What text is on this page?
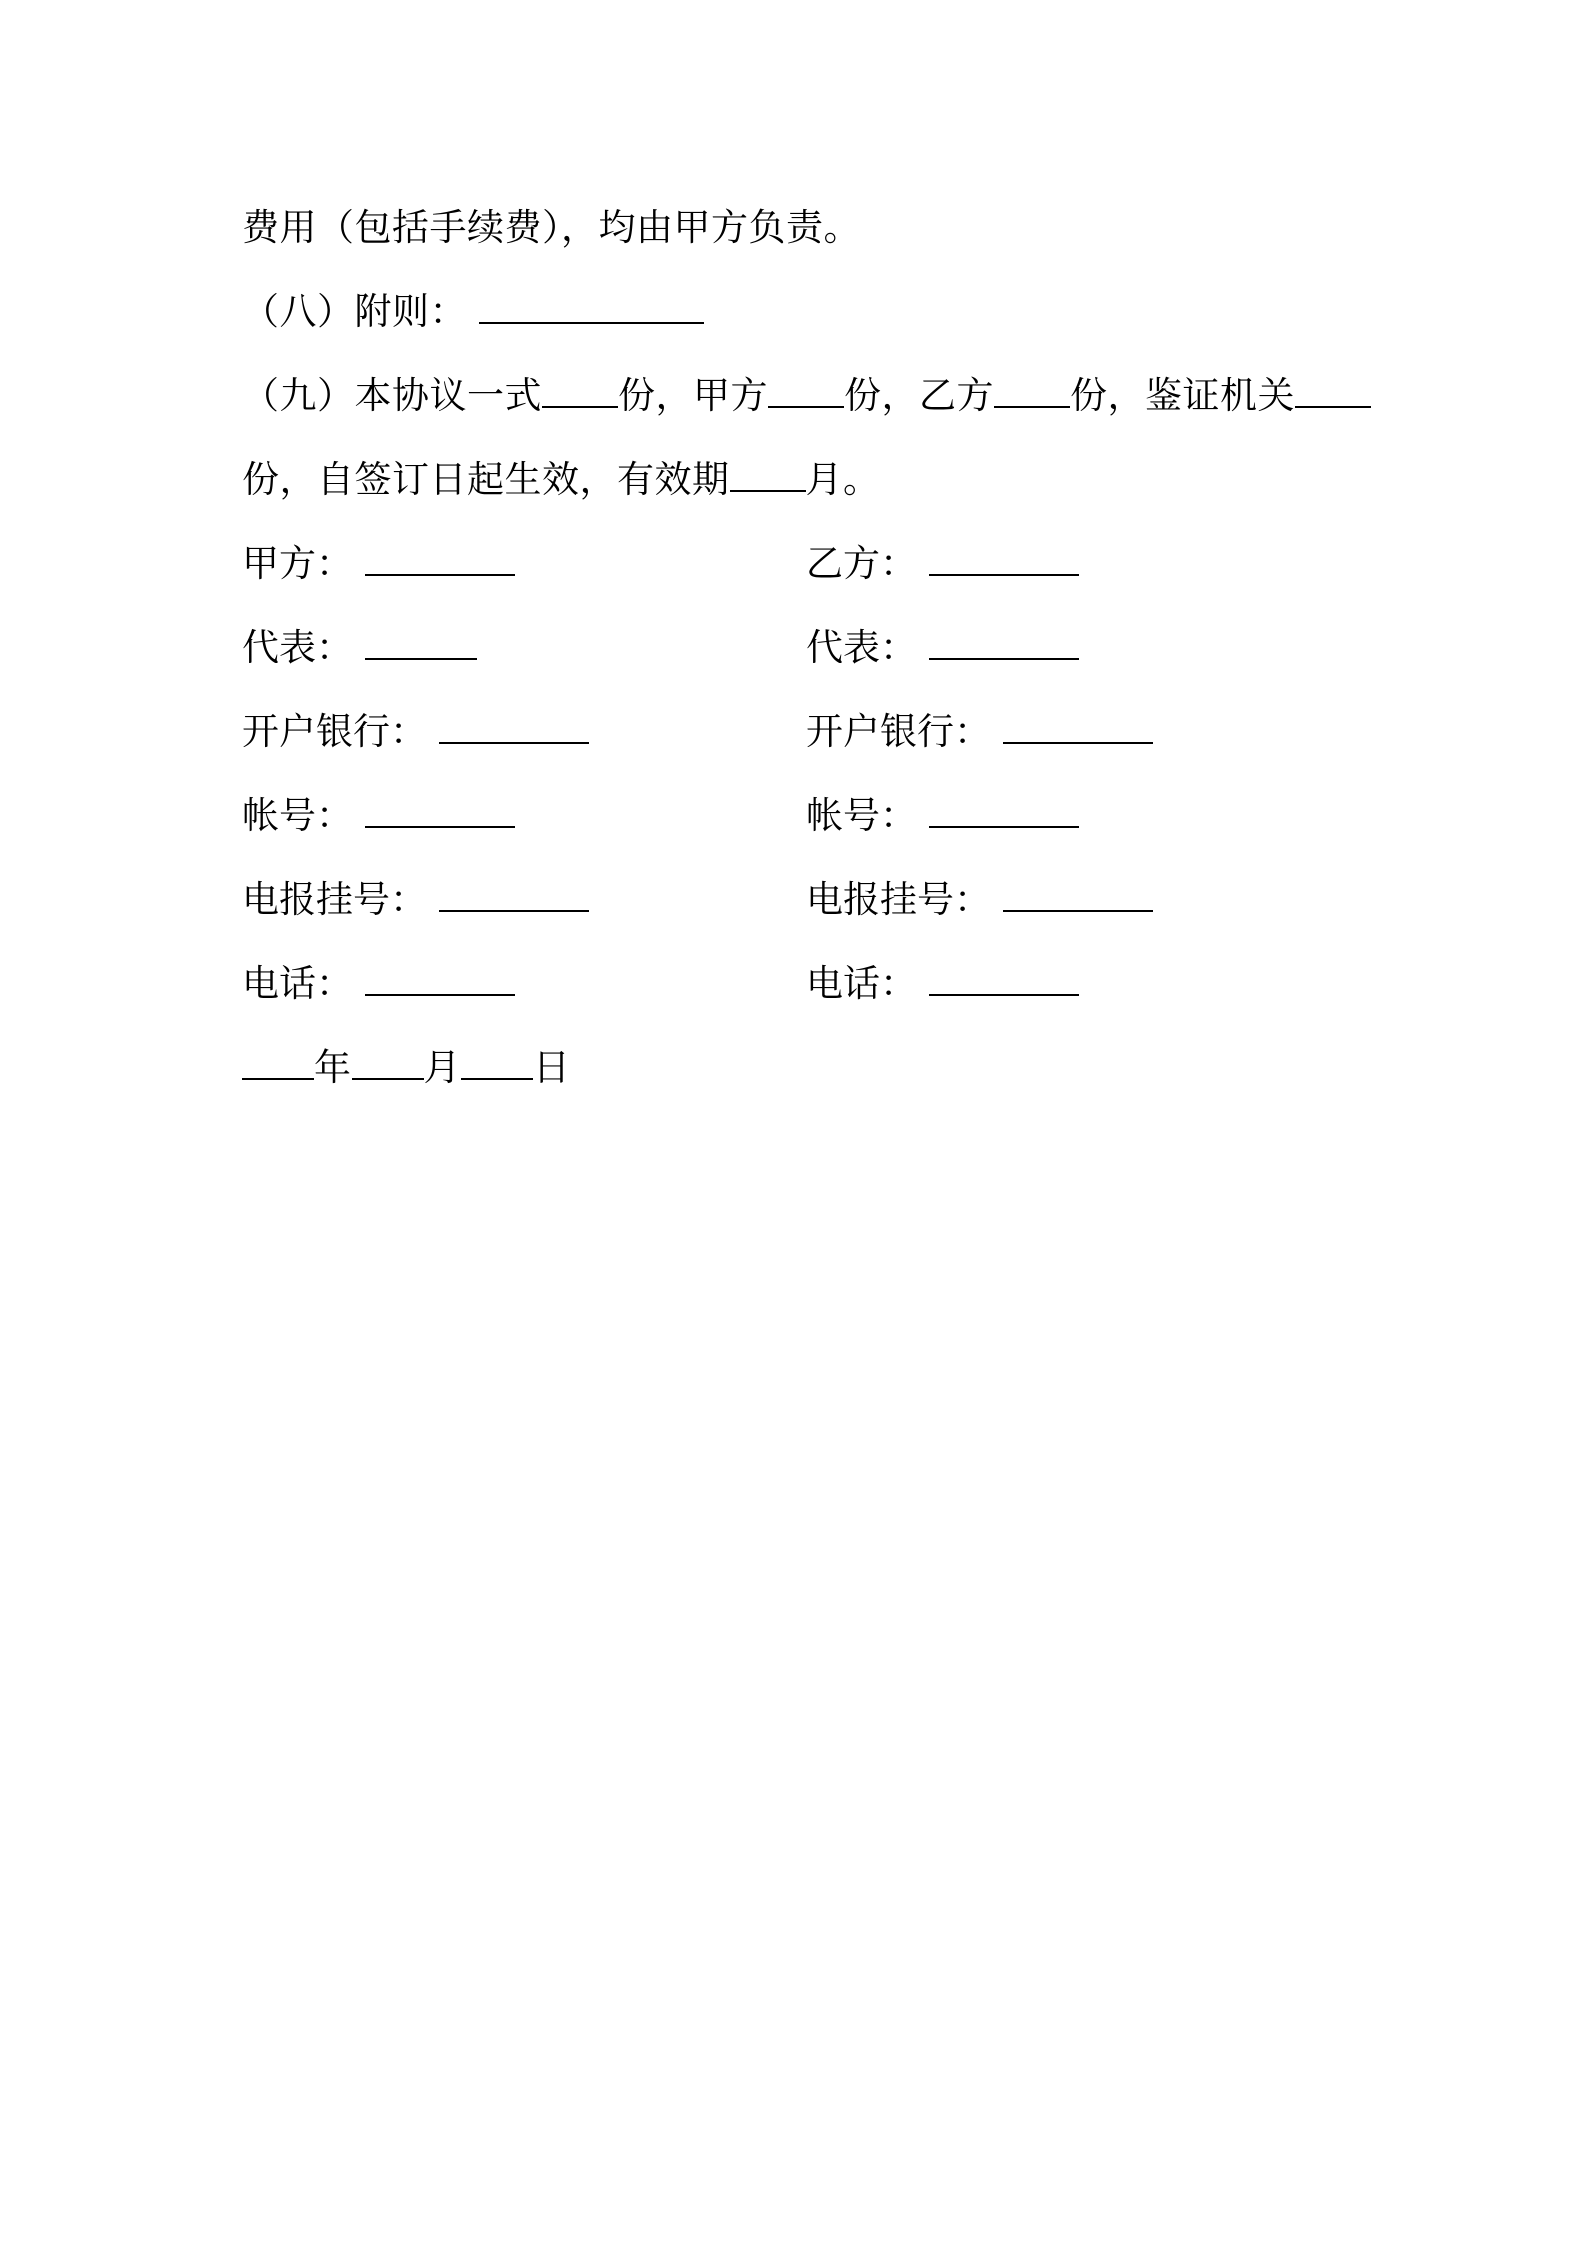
费用（包括手续费），均由甲方负责。
（八）附则：
（九）本协议一式 份，甲方 份，乙方 份，鉴证机关
份，自签订日起生效，有效期 月。
甲方：	乙方：
代表：	代表：
开户银行：	开户银行：
帐号：	帐号：
电报挂号：	电报挂号：
电话：	电话：
年 月 日
